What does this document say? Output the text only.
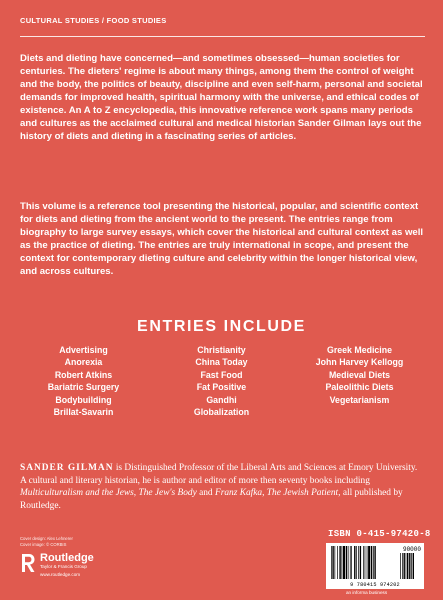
CULTURAL STUDIES / FOOD STUDIES

Diets and dieting have concerned—and sometimes obsessed—human societies for centuries. The dieters' regime is about many things, among them the control of weight and the body, the politics of beauty, discipline and even self-harm, personal and societal demands for improved health, spiritual harmony with the universe, and ethical codes of existence. An A to Z encyclopedia, this innovative reference work spans many periods and cultures as the acclaimed cultural and medical historian Sander Gilman lays out the history of diets and dieting in a fascinating series of articles.

This volume is a reference tool presenting the historical, popular, and scientific context for diets and dieting from the ancient world to the present. The entries range from biography to large survey essays, which cover the historical and cultural context as well as the practice of dieting. The entries are truly international in scope, and present the context for contemporary dieting culture and celebrity within the longer historical view, and across cultures.

ENTRIES INCLUDE
Advertising
Anorexia
Robert Atkins
Bariatric Surgery
Bodybuilding
Brillat-Savarin
Christianity
China Today
Fast Food
Fat Positive
Gandhi
Globalization
Greek Medicine
John Harvey Kellogg
Medieval Diets
Paleolithic Diets
Vegetarianism

SANDER GILMAN is Distinguished Professor of the Liberal Arts and Sciences at Emory University. A cultural and literary historian, he is author and editor of more then seventy books including Multiculturalism and the Jews, The Jew's Body and Franz Kafka, The Jewish Patient, all published by Routledge.

Cover design: Alex Lehnerer
Cover image: © CORBIS
Routledge
Taylor & Francis Group
www.routledge.com
ISBN 0-415-97420-8
90000
9 780415 974202
an informa business
